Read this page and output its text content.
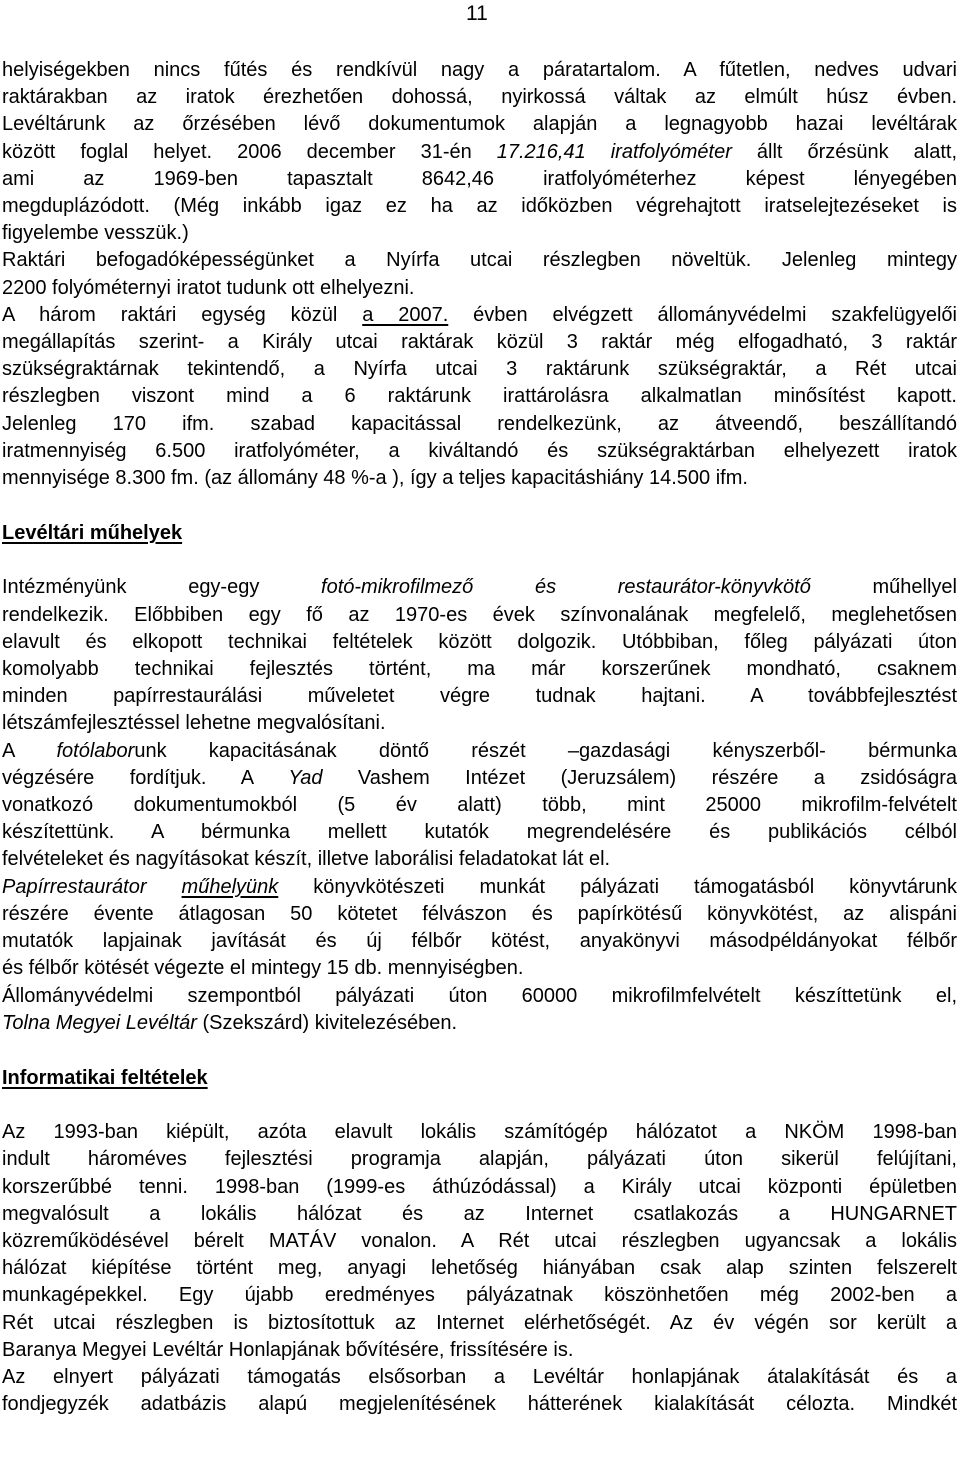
11

helyiségekben nincs fűtés és rendkívül nagy a páratartalom. A fűtetlen, nedves udvari

raktárakban az iratok érezhetően dohossá, nyirkossá váltak az elmúlt húsz évben.

Levéltárunk az őrzésében lévő dokumentumok alapján a legnagyobb hazai levéltárak

között foglal helyet. 2006 december 31-én 17.216,41 iratfolyóméter állt őrzésünk alatt,

ami az 1969-ben tapasztalt 8642,46 iratfolyóméterhez képest lényegében

megduplázódott. (Még inkább igaz ez ha az időközben végrehajtott iratselejtezéseket is

figyelembe vesszük.)

Raktári befogadóképességünket a Nyírfa utcai részlegben növeltük. Jelenleg mintegy

2200 folyóméternyi iratot tudunk ott elhelyezni.

A három raktári egység közül a 2007. évben elvégzett állományvédelmi szakfelügyelői

megállapítás szerint- a Király utcai raktárak közül 3 raktár még elfogadható, 3 raktár

szükségraktárnak tekintendő, a Nyírfa utcai 3 raktárunk szükségraktár, a Rét utcai

részlegben viszont mind a 6 raktárunk irattárolásra alkalmatlan minősítést kapott.

Jelenleg 170 ifm. szabad kapacitással rendelkezünk, az átveendő, beszállítandó

iratmennyiség 6.500 iratfolyóméter, a kiváltandó és szükségraktárban elhelyezett iratok

mennyisége 8.300 fm. (az állomány 48 %-a ), így a teljes kapacitáshiány 14.500 ifm.

Levéltári műhelyek

Intézményünk egy-egy fotó-mikrofilmező és restaurátor-könyvkötő műhellyel

rendelkezik. Előbbiben egy fő az 1970-es évek színvonalának megfelelő, meglehetősen

elavult és elkopott technikai feltételek között dolgozik. Utóbbiban, főleg pályázati úton

komolyabb technikai fejlesztés történt, ma már korszerűnek mondható, csaknem

minden papírrestaurálási műveletet végre tudnak hajtani. A továbbfejlesztést

létszámfejlesztéssel lehetne megvalósítani.

A fotólaborunk kapacitásának döntő részét –gazdasági kényszerből- bérmunka

végzésére fordítjuk. A Yad Vashem Intézet (Jeruzsálem) részére a zsidóságra

vonatkozó dokumentumokból (5 év alatt) több, mint 25000 mikrofilm-felvételt

készítettünk. A bérmunka mellett kutatók megrendelésére és publikációs célból

felvételeket és nagyításokat készít, illetve laborálisi feladatokat lát el.

Papírrestaurátor műhelyünk könyvkötészeti munkát pályázati támogatásból könyvtárunk

részére évente átlagosan 50 kötetet félvászon és papírkötésű könyvkötést, az alispáni

mutatók lapjainak javítását és új félbőr kötést, anyakönyvi másodpéldányokat félbőr

és félbőr kötését végezte el mintegy 15 db. mennyiségben.

Állományvédelmi szempontból pályázati úton 60000 mikrofilmfelvételt készíttetünk el,

Tolna Megyei Levéltár (Szekszárd) kivitelezésében.

Informatikai feltételek

Az 1993-ban kiépült, azóta elavult lokális számítógép hálózatot a NKÖM 1998-ban

indult hároméves fejlesztési programja alapján, pályázati úton sikerül felújítani,

korszerűbbé tenni. 1998-ban (1999-es áthúzódással) a Király utcai központi épületben

megvalósult a lokális hálózat és az Internet csatlakozás a HUNGARNET

közreműködésével bérelt MATÁV vonalon. A Rét utcai részlegben ugyancsak a lokális

hálózat kiépítése történt meg, anyagi lehetőség hiányában csak alap szinten felszerelt

munkagépekkel. Egy újabb eredményes pályázatnak köszönhetően még 2002-ben a

Rét utcai részlegben is biztosítottuk az Internet elérhetőségét. Az év végén sor került a

Baranya Megyei Levéltár Honlapjának bővítésére, frissítésére is.

Az elnyert pályázati támogatás elsősorban a Levéltár honlapjának átalakítását és a

fondjegyzék adatbázis alapú megjelenítésének hátterének kialakítását célozta. Mindkét
